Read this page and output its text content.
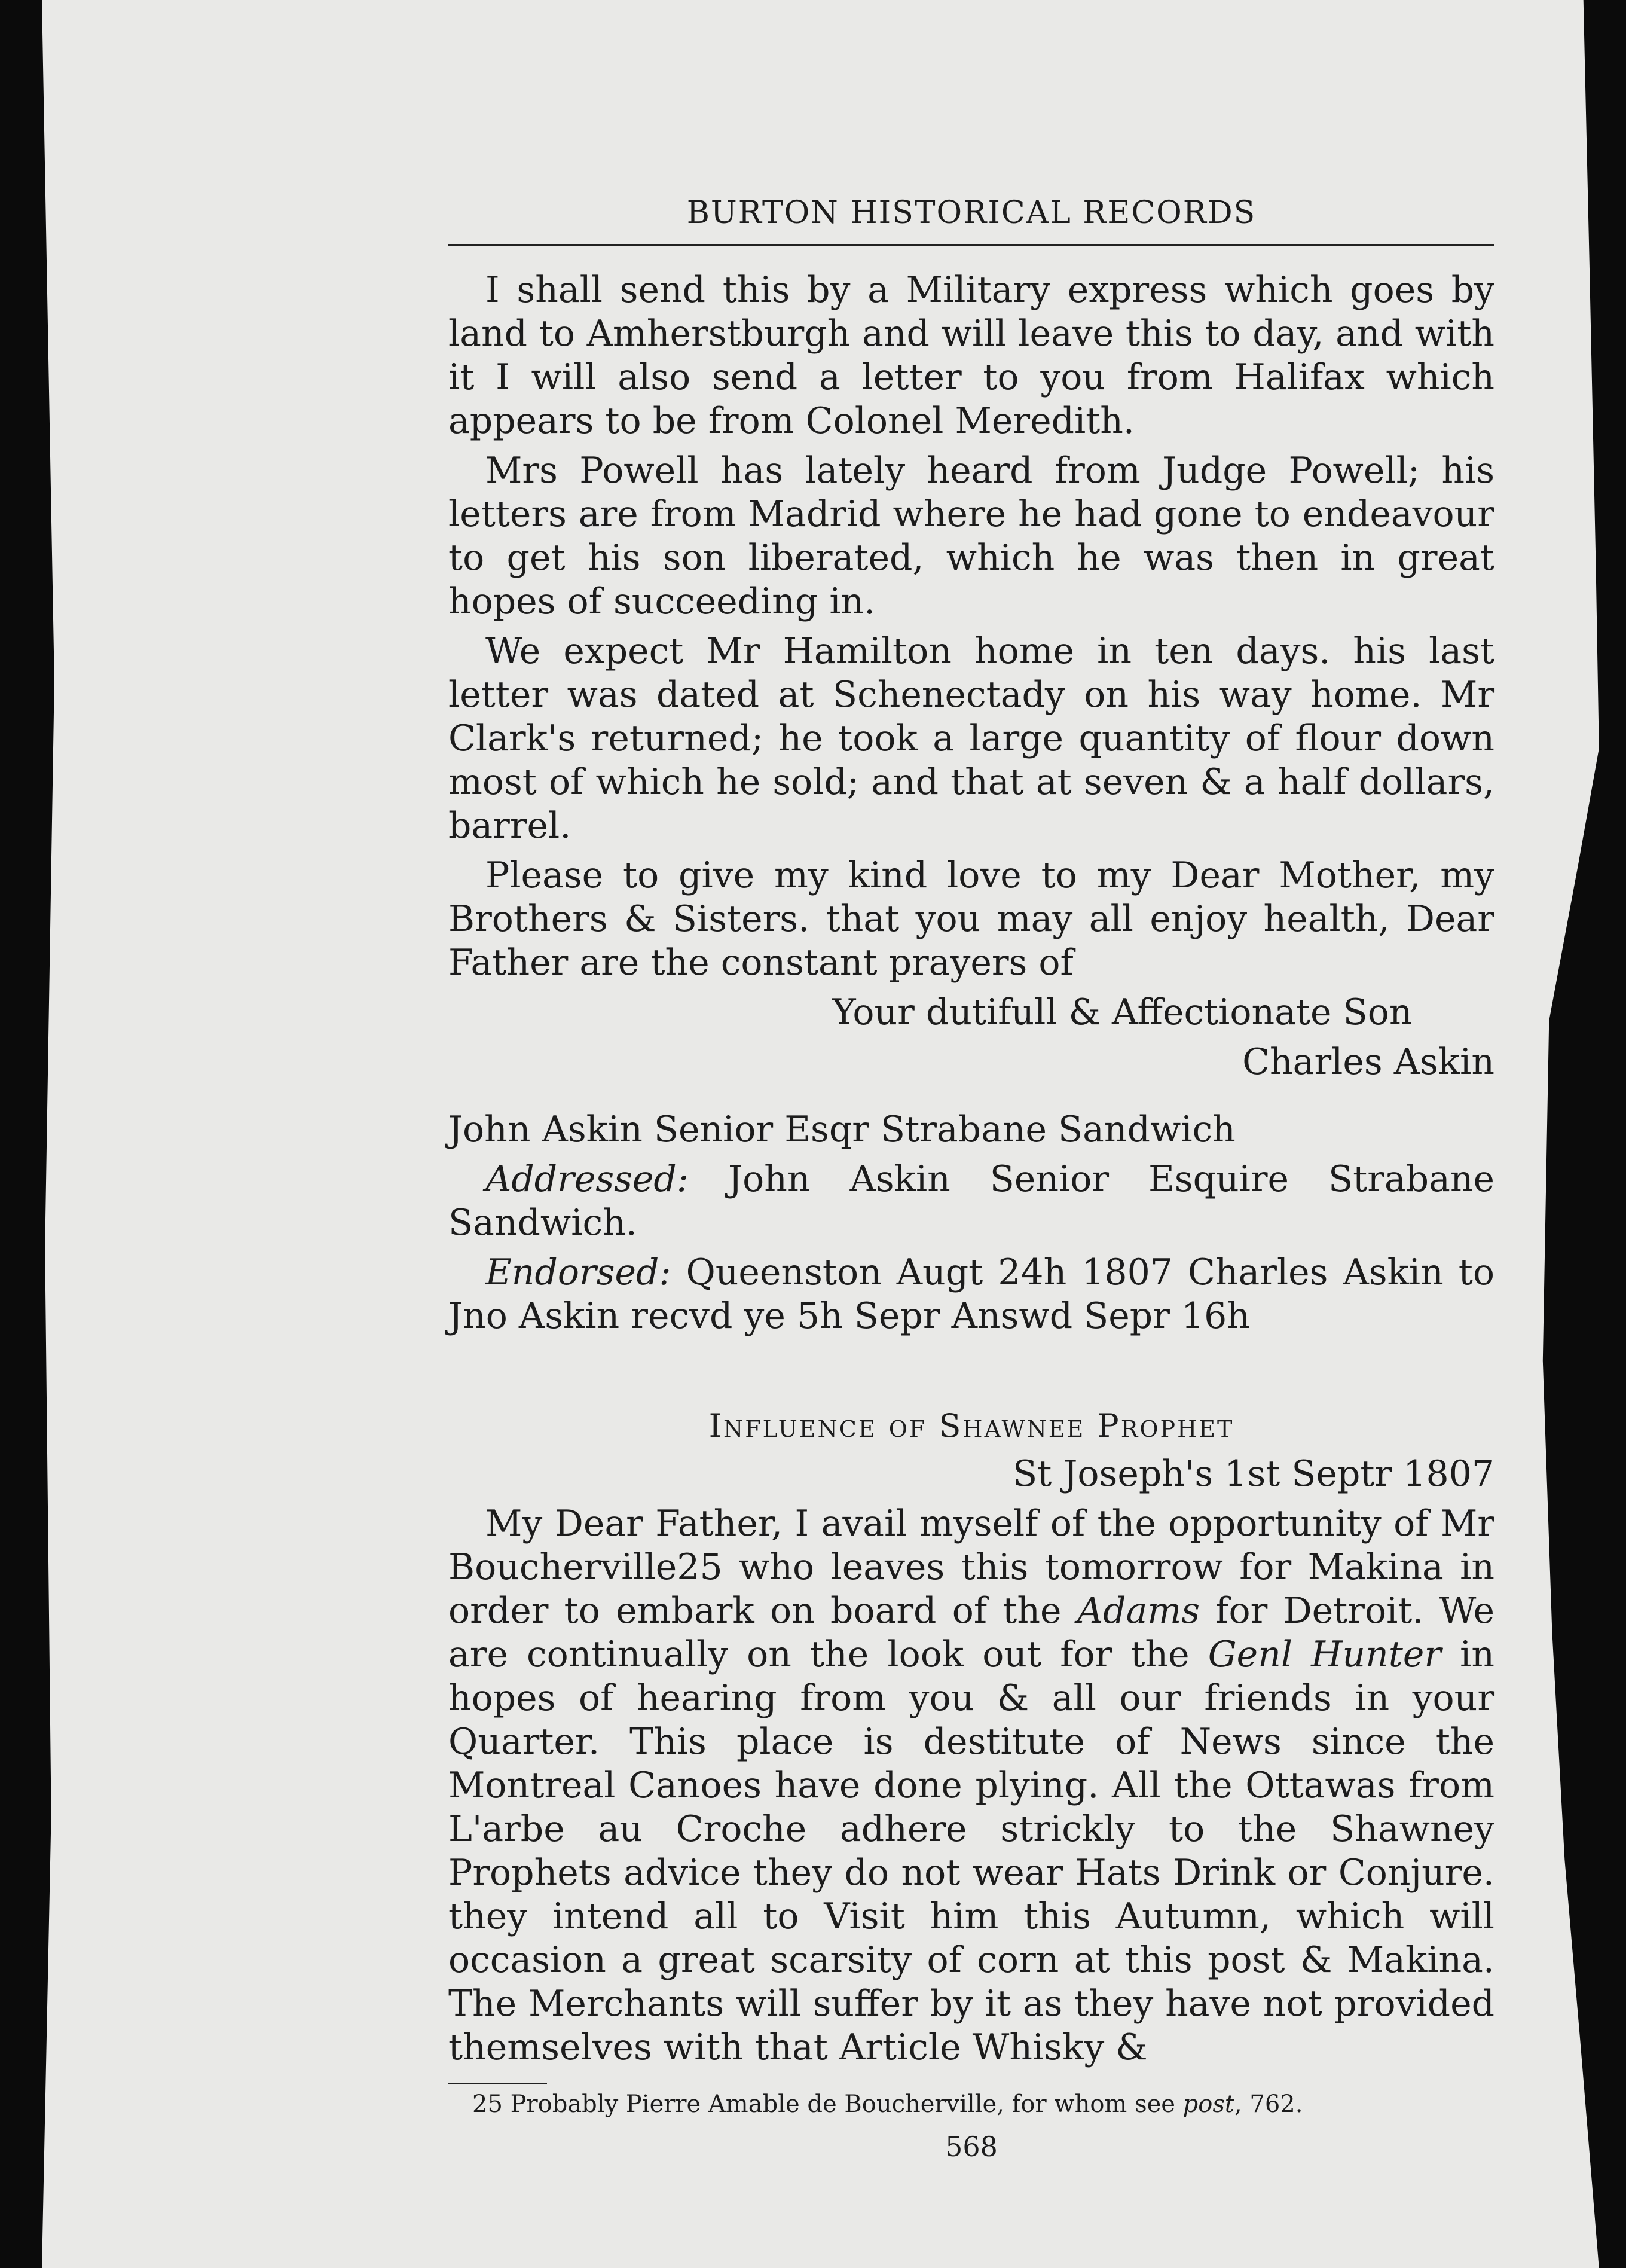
BURTON HISTORICAL RECORDS

I shall send this by a Military express which goes by land to Amherstburgh and will leave this to day, and with it I will also send a letter to you from Halifax which appears to be from Colonel Meredith.

Mrs Powell has lately heard from Judge Powell; his letters are from Madrid where he had gone to endeavour to get his son liberated, which he was then in great hopes of succeeding in.

We expect Mr Hamilton home in ten days. his last letter was dated at Schenectady on his way home. Mr Clark's returned; he took a large quantity of flour down most of which he sold; and that at seven & a half dollars, barrel.

Please to give my kind love to my Dear Mother, my Brothers & Sisters. that you may all enjoy health, Dear Father are the constant prayers of

Your dutifull & Affectionate Son

Charles Askin

John Askin Senior Esqr Strabane Sandwich

Addressed: John Askin Senior Esquire Strabane Sandwich.

Endorsed: Queenston Augt 24h 1807 Charles Askin to Jno Askin recvd ye 5h Sepr Answd Sepr 16h

Influence of Shawnee Prophet

St Joseph's 1st Septr 1807

My Dear Father, I avail myself of the opportunity of Mr Boucherville25 who leaves this tomorrow for Makina in order to embark on board of the Adams for Detroit. We are continually on the look out for the Genl Hunter in hopes of hearing from you & all our friends in your Quarter. This place is destitute of News since the Montreal Canoes have done plying. All the Ottawas from L'arbe au Croche adhere strickly to the Shawney Prophets advice they do not wear Hats Drink or Conjure. they intend all to Visit him this Autumn, which will occasion a great scarsity of corn at this post & Makina. The Merchants will suffer by it as they have not provided themselves with that Article Whisky &

25 Probably Pierre Amable de Boucherville, for whom see post, 762.
568
